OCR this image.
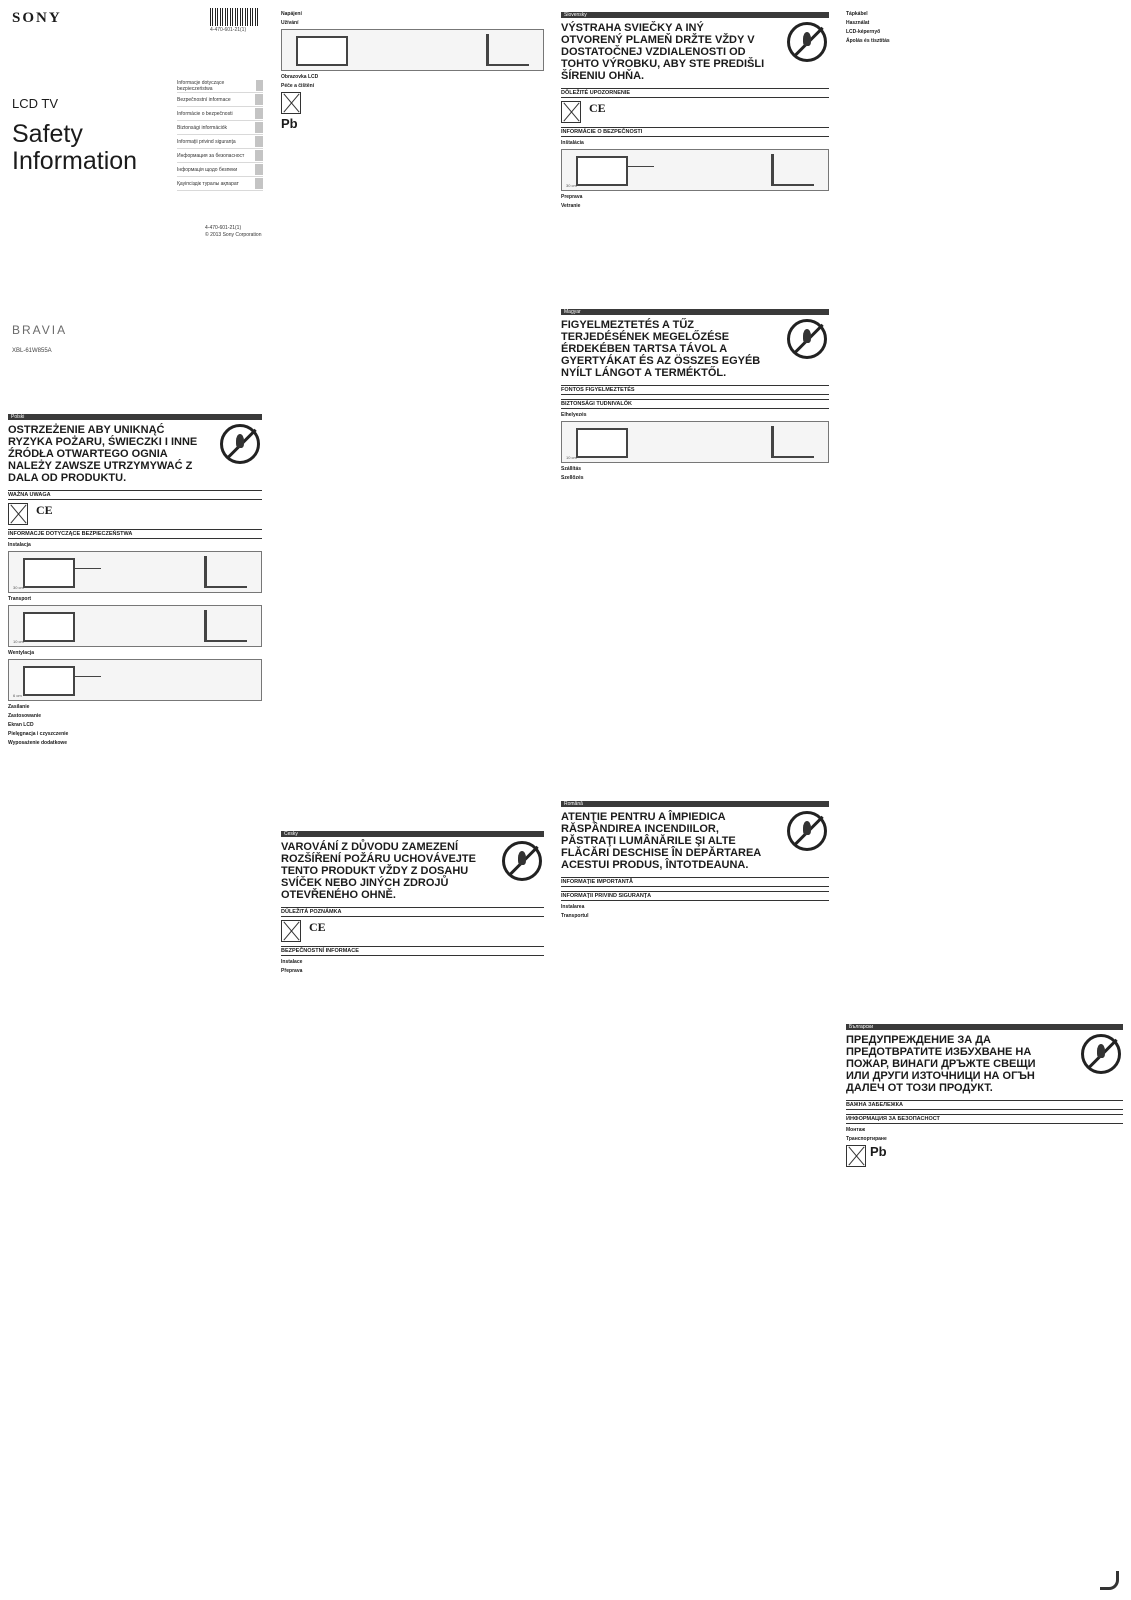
SONY
4-470-601-21(1)
Informacje dotyczące bezpieczeństwa
Bezpečnostní informace
Informácie o bezpečnosti
Biztonsági információk
Informaţii privind siguranţa
Информация за безопасност
Інформація щодо безпеки
Қауіпсіздік туралы ақпарат
LCD TV
Safety
Information
4-470-601-21(1)
© 2013 Sony Corporation
BRAVIA
XBL-61W855A
Polski

OSTRZEŻENIE ABY UNIKNĄĆ RYZYKA POŻARU, ŚWIECZKI I INNE ŹRÓDŁA OTWARTEGO OGNIA NALEŻY ZAWSZE UTRZYMYWAĆ Z DALA OD PRODUKTU.

WAŻNA UWAGA
CE
INFORMACJE DOTYCZĄCE BEZPIECZEŃSTWA
Instalacja
30 cm
Transport
10 cm
Wentylacja
6 cm
Zasilanie
Zastosowanie
Ekran LCD
Pielęgnacja i czyszczenie
Wyposażenie dodatkowe
Napájení
Užívání
Obrazovka LCD
Péče a čištění
Pb
Česky

VAROVÁNÍ Z DŮVODU ZAMEZENÍ ROZŠÍŘENÍ POŽÁRU UCHOVÁVEJTE TENTO PRODUKT VŽDY Z DOSAHU SVÍČEK NEBO JINÝCH ZDROJŮ OTEVŘENÉHO OHNĚ.

DŮLEŽITÁ POZNÁMKA
CE
BEZPEČNOSTNÍ INFORMACE
Instalace
Přeprava
Slovensky

VÝSTRAHA SVIEČKY A INÝ OTVORENÝ PLAMEŇ DRŽTE VŽDY V DOSTATOČNEJ VZDIALENOSTI OD TOHTO VÝROBKU, ABY STE PREDIŠLI ŠÍRENIU OHŇA.

DÔLEŽITÉ UPOZORNENIE
CE
INFORMÁCIE O BEZPEČNOSTI
Inštalácia
30 cm
Preprava
Vetranie
Magyar

FIGYELMEZTETÉS A TŰZ TERJEDÉSÉNEK MEGELŐZÉSE ÉRDEKÉBEN TARTSA TÁVOL A GYERTYÁKAT ÉS AZ ÖSSZES EGYÉB NYÍLT LÁNGOT A TERMÉKTŐL.

FONTOS FIGYELMEZTETÉS
BIZTONSÁGI TUDNIVALÓK
Elhelyezés
10 cm
Szállítás
Szellőzés
Română

ATENŢIE PENTRU A ÎMPIEDICA RĂSPÂNDIREA INCENDIILOR, PĂSTRAŢI LUMÂNĂRILE ŞI ALTE FLĂCĂRI DESCHISE ÎN DEPĂRTAREA ACESTUI PRODUS, ÎNTOTDEAUNA.

INFORMAŢIE IMPORTANTĂ
INFORMAŢII PRIVIND SIGURANŢA
Instalarea
Transportul
Tápkábel
Használat
LCD-képernyő
Ápolás és tisztítás
Български

ПРЕДУПРЕЖДЕНИЕ ЗА ДА ПРЕДОТВРАТИТЕ ИЗБУХВАНЕ НА ПОЖАР, ВИНАГИ ДРЪЖТЕ СВЕЩИ ИЛИ ДРУГИ ИЗТОЧНИЦИ НА ОГЪН ДАЛЕЧ ОТ ТОЗИ ПРОДУКТ.

ВАЖНА ЗАБЕЛЕЖКА
ИНФОРМАЦИЯ ЗА БЕЗОПАСНОСТ
Монтаж
Транспортиране
Pb
